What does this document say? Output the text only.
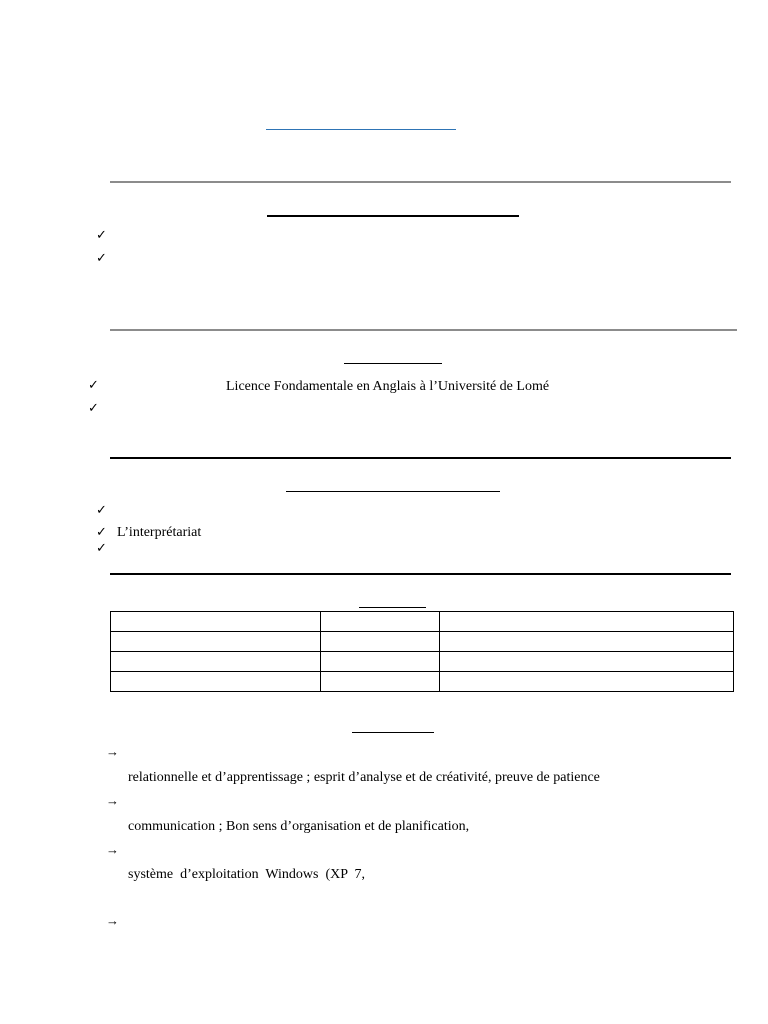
✓
✓
✓	Licence Fondamentale en Anglais à l’Université de Lomé
✓
✓
✓ L’interprétariat
✓

→
relationnelle et d’apprentissage ; esprit d’analyse et de créativité, preuve de patience
→
communication ; Bon sens d’organisation et de planification,
→
système  d’exploitation  Windows  (XP  7,
→
